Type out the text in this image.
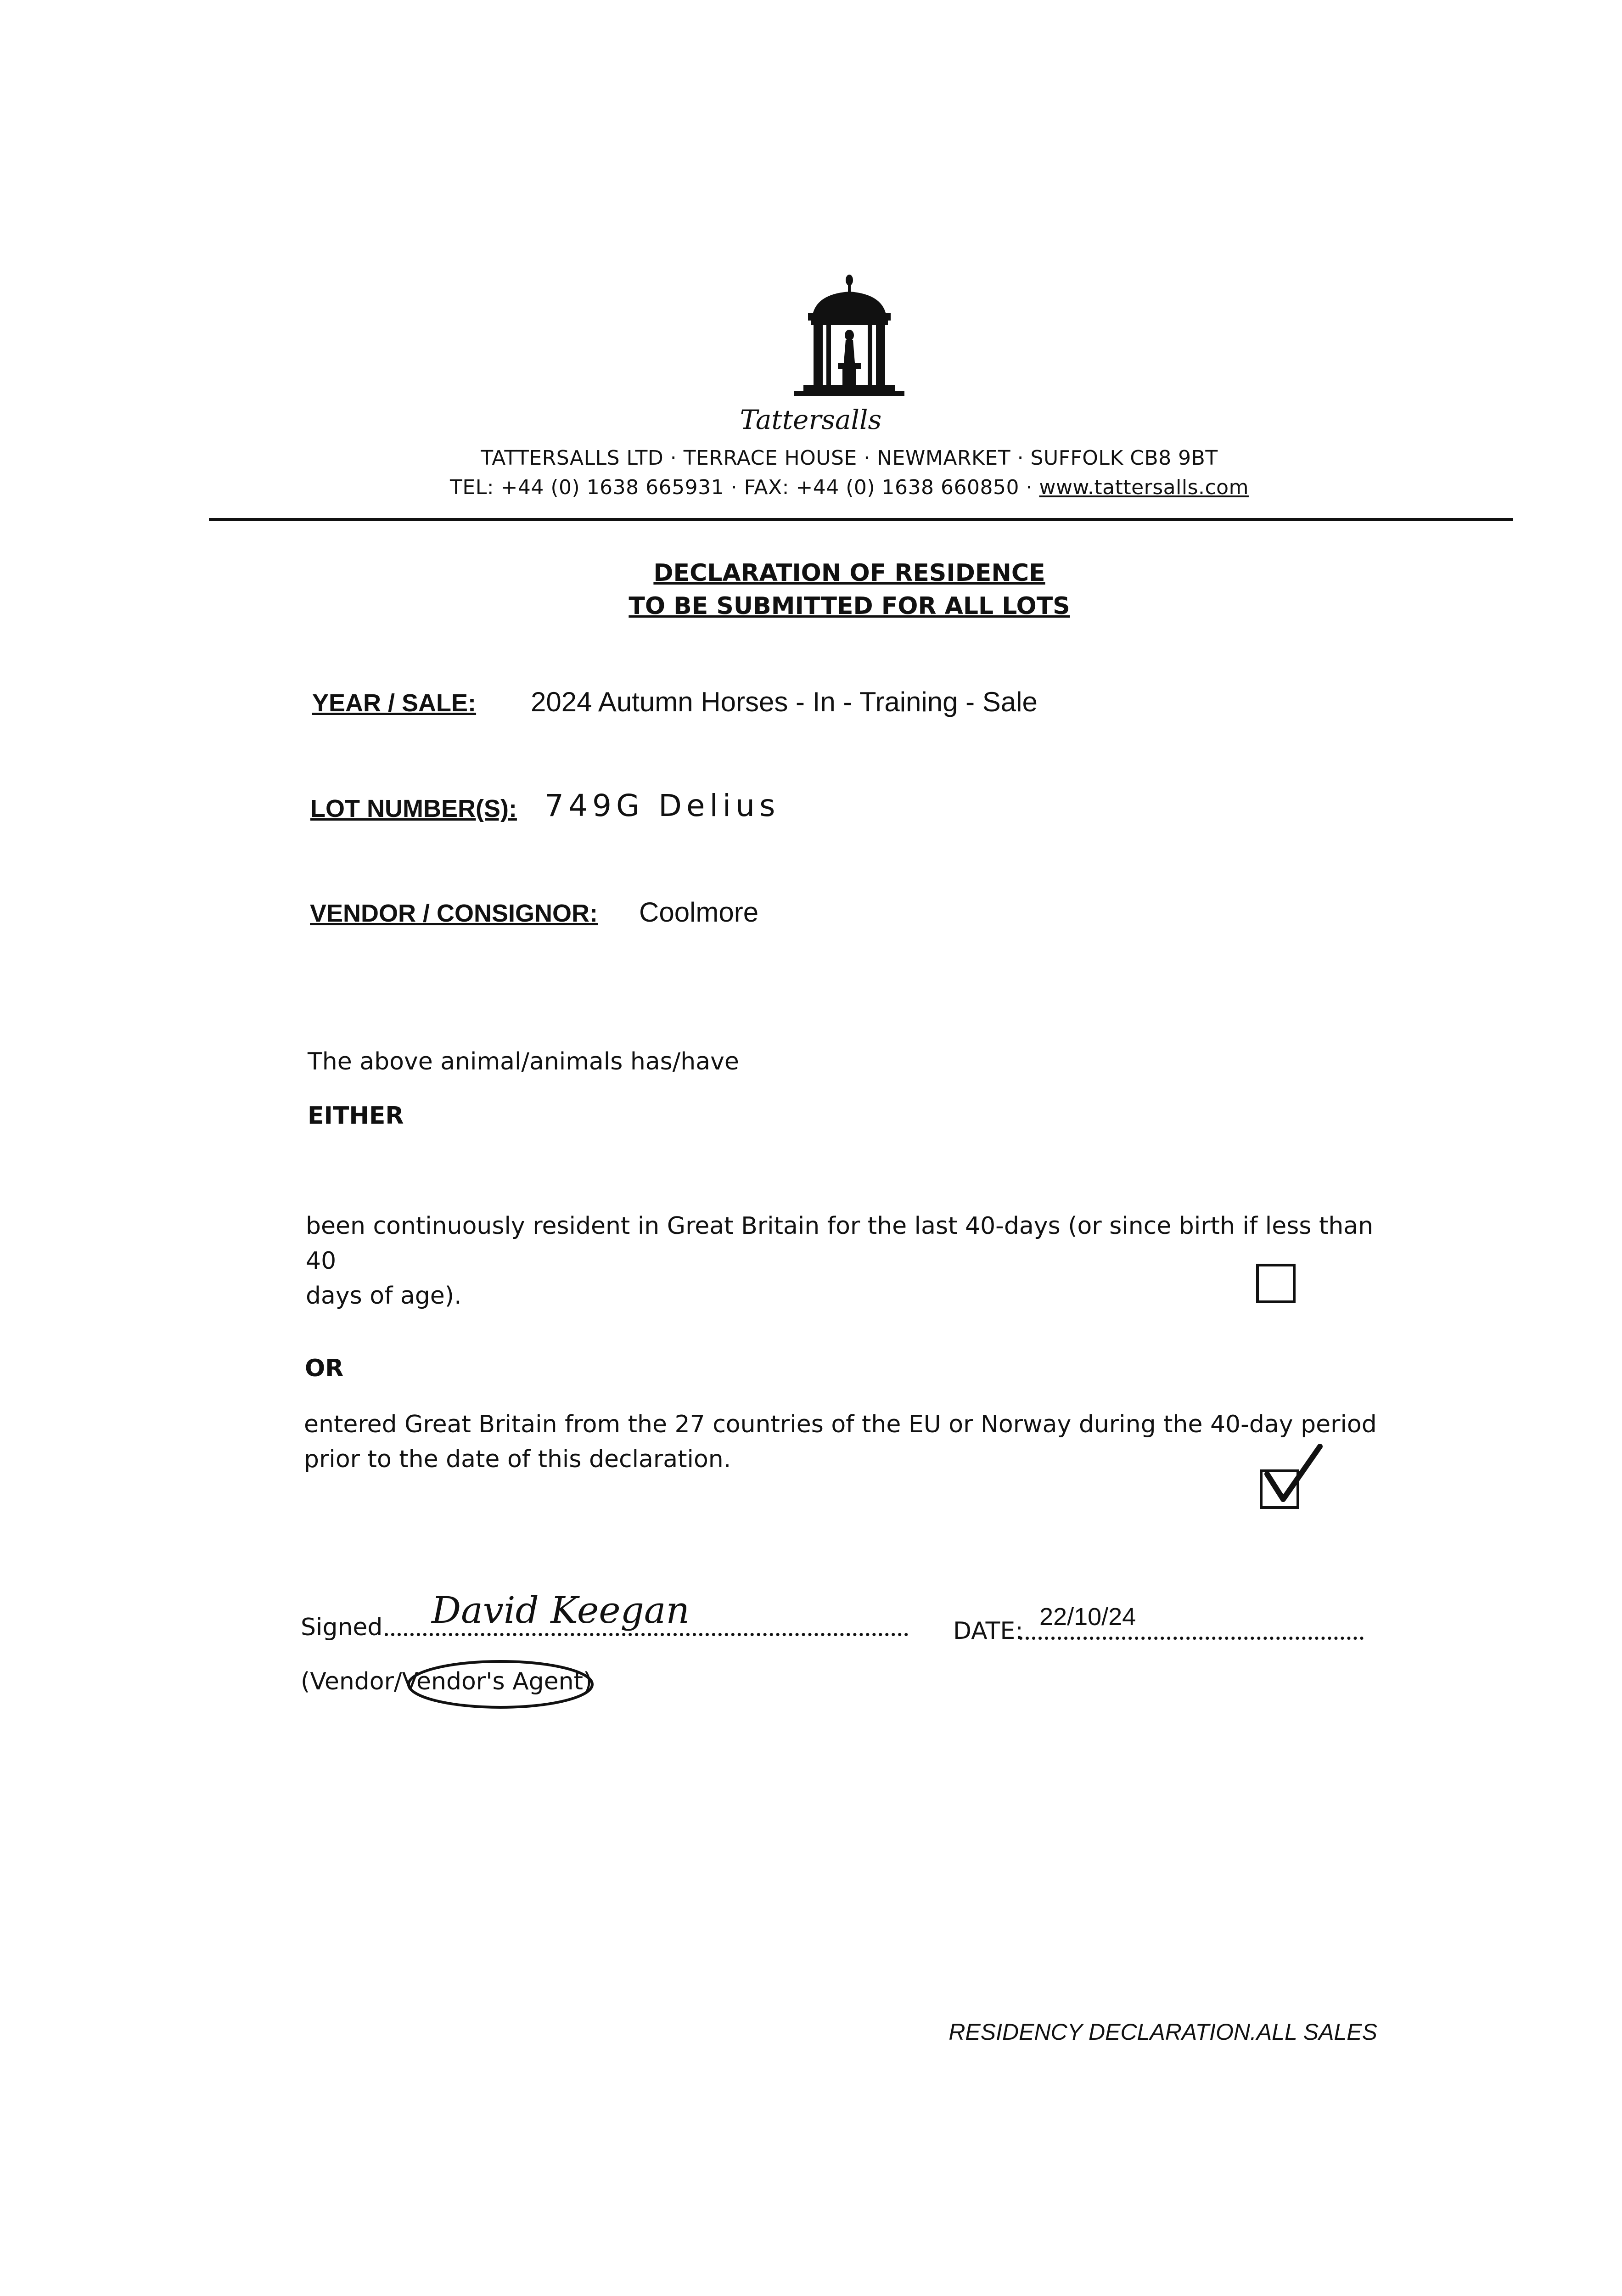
Tattersalls
TATTERSALLS LTD · TERRACE HOUSE · NEWMARKET · SUFFOLK CB8 9BT
TEL: +44 (0) 1638 665931 · FAX: +44 (0) 1638 660850 · www.tattersalls.com
DECLARATION OF RESIDENCE
TO BE SUBMITTED FOR ALL LOTS
YEAR / SALE: 2024 Autumn Horses - In - Training - Sale
LOT NUMBER(S): 749G Delius
VENDOR / CONSIGNOR: Coolmore
The above animal/animals has/have
EITHER
been continuously resident in Great Britain for the last 40-days (or since birth if less than 40
days of age).
OR
entered Great Britain from the 27 countries of the EU or Norway during the 40-day period
prior to the date of this declaration.
Signed David Keegan	DATE:
22/10/24
(Vendor/Vendor's Agent)
RESIDENCY DECLARATION.ALL SALES
